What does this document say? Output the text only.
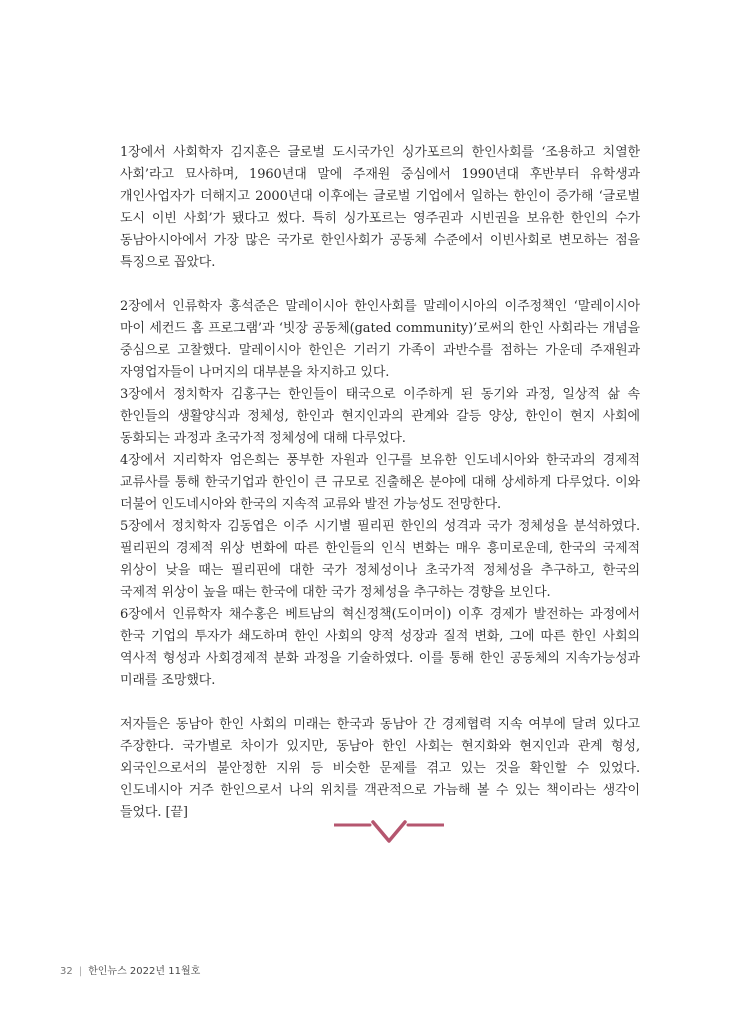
1장에서 사회학자 김지훈은 글로벌 도시국가인 싱가포르의 한인사회를 ‘조용하고 치열한 사회’라고 묘사하며, 1960년대 말에 주재원 중심에서 1990년대 후반부터 유학생과 개인사업자가 더해지고 2000년대 이후에는 글로벌 기업에서 일하는 한인이 증가해 ‘글로벌 도시 이빈 사회’가 됐다고 썼다. 특히 싱가포르는 영주권과 시빈권을 보유한 한인의 수가 동남아시아에서 가장 많은 국가로 한인사회가 공동체 수준에서 이빈사회로 변모하는 점을 특징으로 꼽았다.

2장에서 인류학자 홍석준은 말레이시아 한인사회를 말레이시아의 이주정책인 ‘말레이시아 마이 세컨드 홈 프로그램’과 ‘빗장 공동체(gated community)’로써의 한인 사회라는 개념을 중심으로 고찰했다. 말레이시아 한인은 기러기 가족이 과반수를 점하는 가운데 주재원과 자영업자들이 나머지의 대부분을 차지하고 있다.

3장에서 정치학자 김홍구는 한인들이 태국으로 이주하게 된 동기와 과정, 일상적 삶 속 한인들의 생활양식과 정체성, 한인과 현지인과의 관계와 갈등 양상, 한인이 현지 사회에 동화되는 과정과 초국가적 정체성에 대해 다루었다.

4장에서 지리학자 엄은희는 풍부한 자원과 인구를 보유한 인도네시아와 한국과의 경제적 교류사를 통해 한국기업과 한인이 큰 규모로 진출해온 분야에 대해 상세하게 다루었다. 이와 더불어 인도네시아와 한국의 지속적 교류와 발전 가능성도 전망한다.

5장에서 정치학자 김동엽은 이주 시기별 필리핀 한인의 성격과 국가 정체성을 분석하였다. 필리핀의 경제적 위상 변화에 따른 한인들의 인식 변화는 매우 흥미로운데, 한국의 국제적 위상이 낮을 때는 필리핀에 대한 국가 정체성이나 초국가적 정체성을 추구하고, 한국의 국제적 위상이 높을 때는 한국에 대한 국가 정체성을 추구하는 경향을 보인다.

6장에서 인류학자 채수홍은 베트남의 혁신정책(도이머이) 이후 경제가 발전하는 과정에서 한국 기업의 투자가 쇄도하며 한인 사회의 양적 성장과 질적 변화, 그에 따른 한인 사회의 역사적 형성과 사회경제적 분화 과정을 기술하였다. 이를 통해 한인 공동체의 지속가능성과 미래를 조망했다.

저자들은 동남아 한인 사회의 미래는 한국과 동남아 간 경제협력 지속 여부에 달려 있다고 주장한다. 국가별로 차이가 있지만, 동남아 한인 사회는 현지화와 현지인과 관계 형성, 외국인으로서의 불안정한 지위 등 비슷한 문제를 겪고 있는 것을 확인할 수 있었다. 인도네시아 거주 한인으로서 나의 위치를 객관적으로 가늠해 볼 수 있는 책이라는 생각이 들었다. [끝]

32 | 한인뉴스 2022년 11월호
